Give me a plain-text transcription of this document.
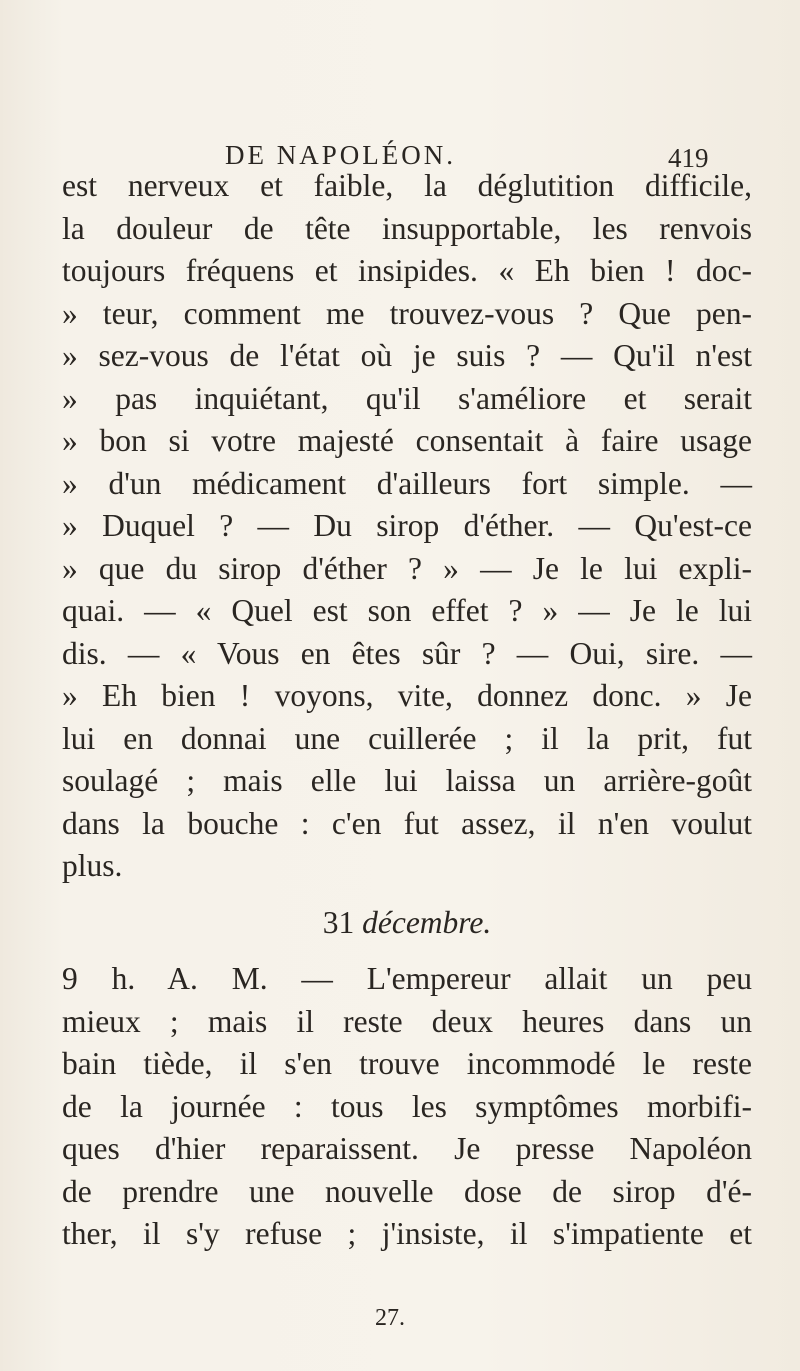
DE NAPOLÉON.	419
est nerveux et faible, la déglutition difficile,
la douleur de tête insupportable, les renvois
toujours fréquens et insipides. « Eh bien ! doc-
» teur, comment me trouvez-vous ? Que pen-
» sez-vous de l'état où je suis ? — Qu'il n'est
» pas inquiétant, qu'il s'améliore et serait
» bon si votre majesté consentait à faire usage
» d'un médicament d'ailleurs fort simple. —
» Duquel ? — Du sirop d'éther. — Qu'est-ce
» que du sirop d'éther ? » — Je le lui expli-
quai. — « Quel est son effet ? » — Je le lui
dis. — « Vous en êtes sûr ? — Oui, sire. —
» Eh bien ! voyons, vite, donnez donc. » Je
lui en donnai une cuillerée ; il la prit, fut
soulagé ; mais elle lui laissa un arrière-goût
dans la bouche : c'en fut assez, il n'en voulut
plus.
31 décembre.
9 h. A. M. — L'empereur allait un peu
mieux ; mais il reste deux heures dans un
bain tiède, il s'en trouve incommodé le reste
de la journée : tous les symptômes morbifi-
ques d'hier reparaissent. Je presse Napoléon
de prendre une nouvelle dose de sirop d'é-
ther, il s'y refuse ; j'insiste, il s'impatiente et
27.
